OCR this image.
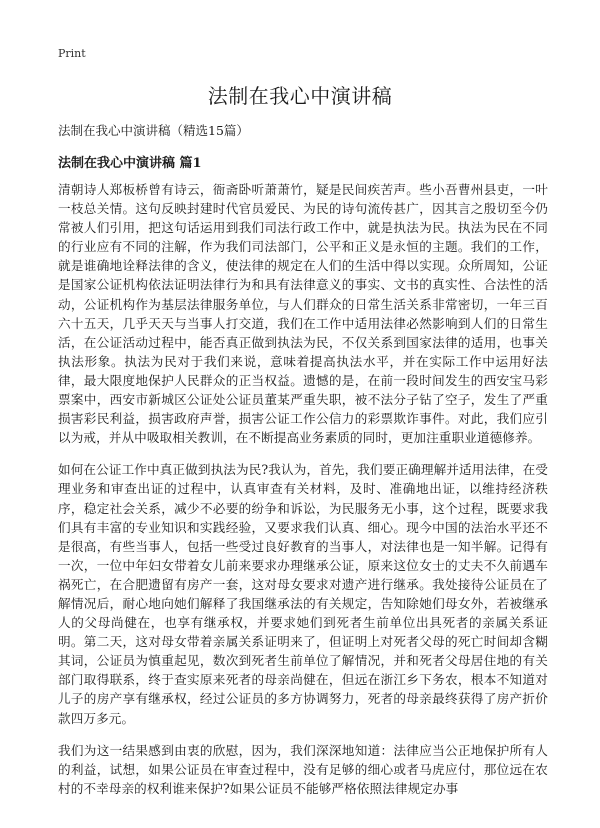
Print
法制在我心中演讲稿

法制在我心中演讲稿（精选15篇）

法制在我心中演讲稿 篇1

清朝诗人郑板桥曾有诗云，衙斋卧听萧萧竹，疑是民间疾苦声。些小吾曹州县吏，一叶一枝总关情。这句反映封建时代官员爱民、为民的诗句流传甚广，因其言之殷切至今仍常被人们引用，把这句话运用到我们司法行政工作中，就是执法为民。执法为民在不同的行业应有不同的注解，作为我们司法部门，公平和正义是永恒的主题。我们的工作，就是谁确地诠释法律的含义，使法律的规定在人们的生活中得以实现。众所周知，公证是国家公证机构依法证明法律行为和具有法律意义的事实、文书的真实性、合法性的活动，公证机构作为基层法律服务单位，与人们群众的日常生活关系非常密切，一年三百六十五天，几乎天天与当事人打交道，我们在工作中适用法律必然影响到人们的日常生活，在公证活动过程中，能否真正做到执法为民，不仅关系到国家法律的适用，也事关执法形象。执法为民对于我们来说，意味着提高执法水平，并在实际工作中运用好法律，最大限度地保护人民群众的正当权益。遗憾的是，在前一段时间发生的西安宝马彩票案中，西安市新城区公证处公证员董某严重失职，被不法分子钻了空子，发生了严重损害彩民利益，损害政府声誉，损害公证工作公信力的彩票欺诈事件。对此，我们应引以为戒，并从中吸取相关教训，在不断提高业务素质的同时，更加注重职业道德修养。

如何在公证工作中真正做到执法为民?我认为，首先，我们要正确理解并适用法律，在受理业务和审查出证的过程中，认真审查有关材料，及时、准确地出证，以维持经济秩序，稳定社会关系，减少不必要的纷争和诉讼，为民服务无小事，这个过程，既要求我们具有丰富的专业知识和实践经验，又要求我们认真、细心。现今中国的法治水平还不是很高，有些当事人，包括一些受过良好教育的当事人，对法律也是一知半解。记得有一次，一位中年妇女带着女儿前来要求办理继承公证，原来这位女士的丈夫不久前遇车祸死亡，在合肥遗留有房产一套，这对母女要求对遗产进行继承。我处接待公证员在了解情况后，耐心地向她们解释了我国继承法的有关规定，告知除她们母女外，若被继承人的父母尚健在，也享有继承权，并要求她们到死者生前单位出具死者的亲属关系证明。第二天，这对母女带着亲属关系证明来了，但证明上对死者父母的死亡时间却含糊其词，公证员为慎重起见，数次到死者生前单位了解情况，并和死者父母居住地的有关部门取得联系，终于查实原来死者的母亲尚健在，但远在浙江乡下务农，根本不知道对儿子的房产享有继承权，经过公证员的多方协调努力，死者的母亲最终获得了房产折价款四万多元。

我们为这一结果感到由衷的欣慰，因为，我们深深地知道：法律应当公正地保护所有人的利益，试想，如果公证员在审查过程中，没有足够的细心或者马虎应付，那位远在农村的不幸母亲的权利谁来保护?如果公证员不能够严格依照法律规定办事
